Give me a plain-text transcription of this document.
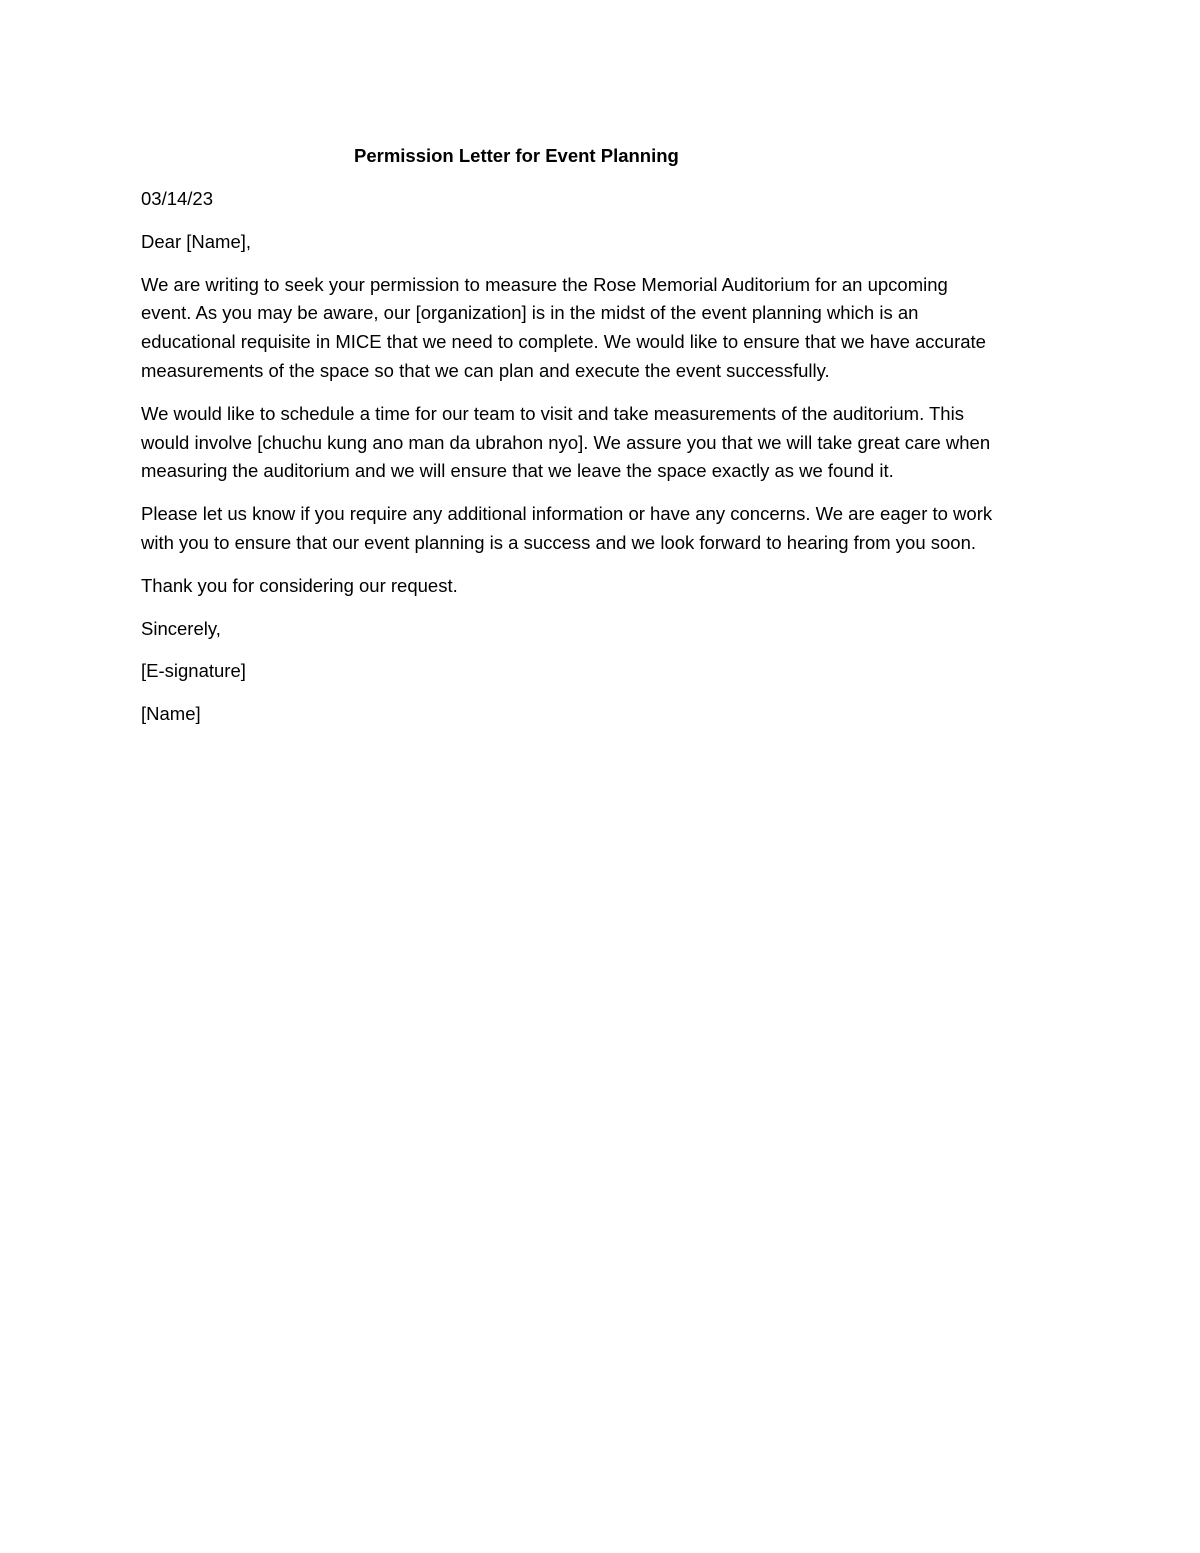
Permission Letter for Event Planning
03/14/23
Dear [Name],
We are writing to seek your permission to measure the Rose Memorial Auditorium for an upcoming
event. As you may be aware, our [organization] is in the midst of the event planning which is an
educational requisite in MICE that we need to complete. We would like to ensure that we have accurate
measurements of the space so that we can plan and execute the event successfully.
We would like to schedule a time for our team to visit and take measurements of the auditorium. This
would involve [chuchu kung ano man da ubrahon nyo]. We assure you that we will take great care when
measuring the auditorium and we will ensure that we leave the space exactly as we found it.
Please let us know if you require any additional information or have any concerns. We are eager to work
with you to ensure that our event planning is a success and we look forward to hearing from you soon.
Thank you for considering our request.
Sincerely,
[E-signature]
[Name]
